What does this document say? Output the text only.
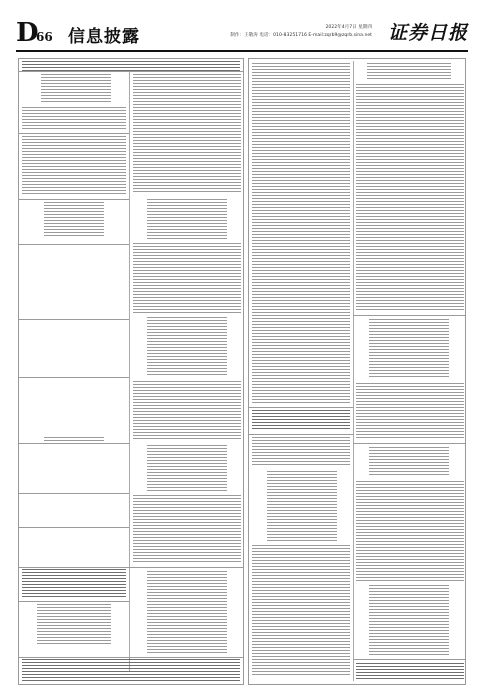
D
66 信息披露	2022年4月7日 星期四
制作：王敬涛 电话：010-83251716 E-mail:zqrb9@zqrb.sina.net 证券日报
